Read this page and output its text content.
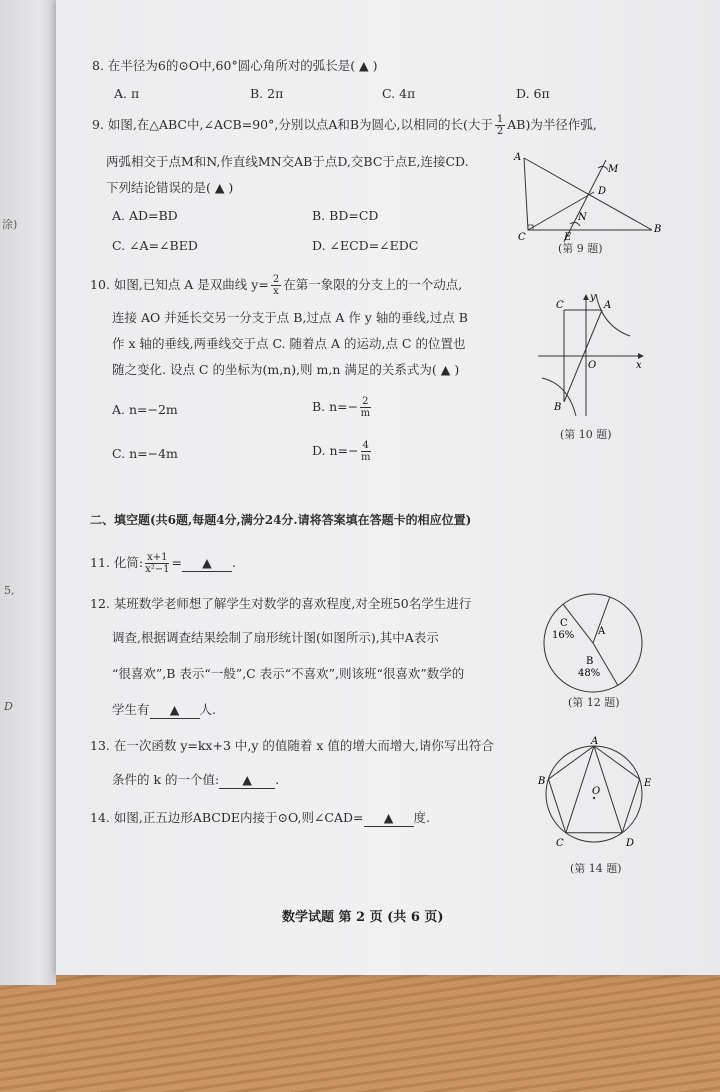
涂)
5,
D
8. 在半径为6的⊙O中,60°圆心角所对的弧长是( ▲ )
A. π	B. 2π	C. 4π	D. 6π
9. 如图,在△ABC中,∠ACB=90°,分别以点A和B为圆心,以相同的长(大于 $\frac{1}{2} AB$)为半径作弧,
两弧相交于点M和N,作直线MN交AB于点D,交BC于点E,连接CD.
下列结论错误的是( ▲ )
A. AD=BD	B. BD=CD
C. ∠A=∠BED	D. ∠ECD=∠EDC
A
M
D
N
C	E
B
(第 9 题)
10. 如图,已知点 A 是双曲线 $y= \frac{2}{x}$ 在第一象限的分支上的一个动点,
连接 AO 并延长交另一分支于点 B,过点 A 作 y 轴的垂线,过点 B
作 x 轴的垂线,两垂线交于点 C. 随着点 A 的运动,点 C 的位置也
随之变化. 设点 C 的坐标为(m,n),则 m,n 满足的关系式为( ▲ )
A. n=−2m	B. $n=- \frac{2}{m}$
C. n=−4m	D. $n=- \frac{4}{m}$
C
y
A
O	x
B
(第 10 题)
二、填空题(共6题,每题4分,满分24分.请将答案填在答题卡的相应位置)
11. 化简: $\frac{x+1}{\text{x²−1}}$ = ▲ .
12. 某班数学老师想了解学生对数学的喜欢程度,对全班50名学生进行
调查,根据调查结果绘制了扇形统计图(如图所示),其中A表示
“很喜欢”,B 表示“一般”,C 表示“不喜欢”,则该班“很喜欢”数学的
学生有 ▲ 人.
C
16% A
B
48%
(第 12 题)
13. 在一次函数 y=kx+3 中,y 的值随着 x 值的增大而增大,请你写出符合
条件的 k 的一个值: ▲ .
14. 如图,正五边形ABCDE内接于⊙O,则∠CAD= ▲ 度.
A
B
C	D
E
O
(第 14 题)
数学试题 第 2 页 (共 6 页)
